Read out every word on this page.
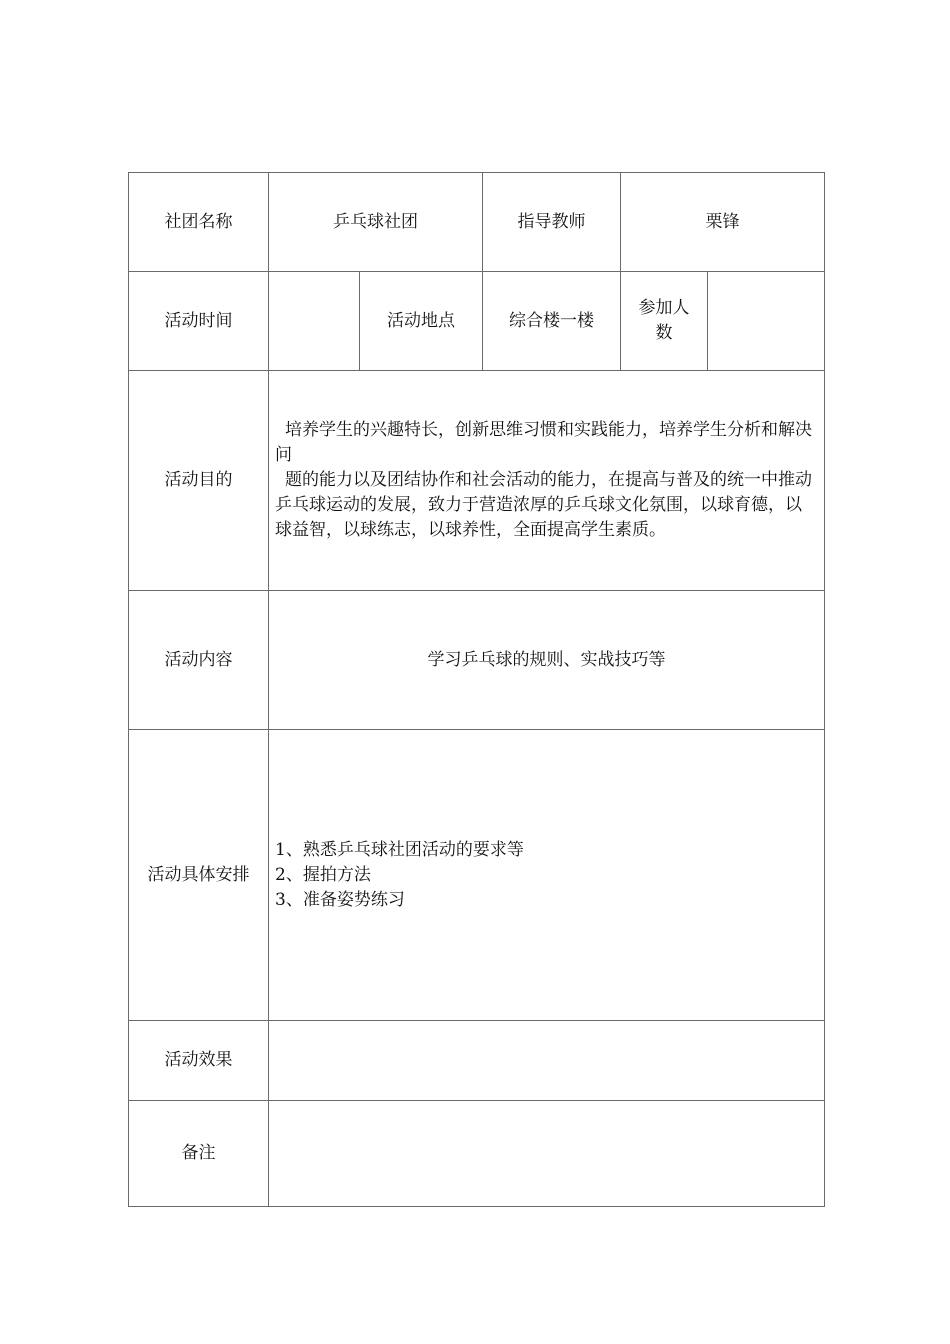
社团名称	乒乓球社团		指导教师	栗锋	
活动时间		活动地点	综合楼一楼	参加人
数	

活动目的	培养学生的兴趣特长，创新思维习惯和实践能力，培养学生分析和解决问
题的能力以及团结协作和社会活动的能力，在提高与普及的统一中推动乒乓球运动的发展，致力于营造浓厚的乒乓球文化氛围，以球育德，以球益智，以球练志，以球养性，全面提高学生素质。				

活动内容	学习乒乓球的规则、实战技巧等				
活动具体安排	1、熟悉乒乓球社团活动的要求等
2、握拍方法
3、准备姿势练习				

活动效果					
备注					
